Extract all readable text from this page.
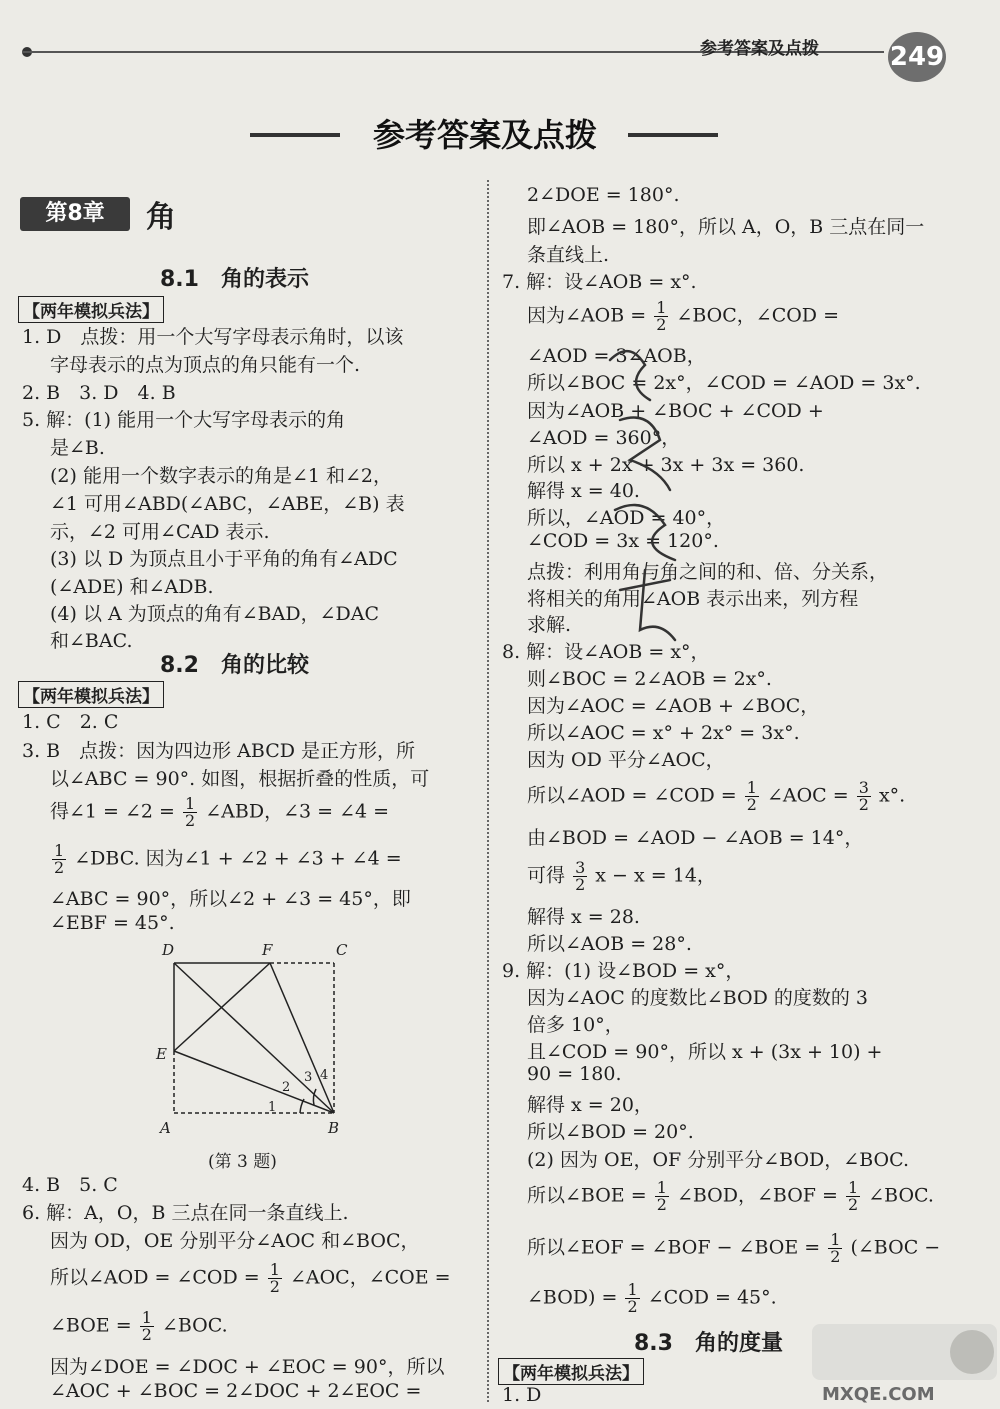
参考答案及点拨	249
参考答案及点拨
第8章	角
8.1　角的表示
【两年模拟兵法】
1. D　点拨：用一个大写字母表示角时，以该
字母表示的点为顶点的角只能有一个.
2. B　3. D　4. B
5. 解：(1) 能用一个大写字母表示的角
是∠B.
(2) 能用一个数字表示的角是∠1 和∠2，
∠1 可用∠ABD(∠ABC，∠ABE，∠B) 表
示，∠2 可用∠CAD 表示.
(3) 以 D 为顶点且小于平角的角有∠ADC
(∠ADE) 和∠ADB.
(4) 以 A 为顶点的角有∠BAD，∠DAC
和∠BAC.
8.2　角的比较
【两年模拟兵法】
1. C　2. C
3. B　点拨：因为四边形 ABCD 是正方形，所
以∠ABC = 90°. 如图，根据折叠的性质，可
得∠1 = ∠2 = $\frac{1}{2}$ ∠ABD，∠3 = ∠4 =
$\frac{1}{2}$ ∠DBC. 因为∠1 + ∠2 + ∠3 + ∠4 =
∠ABC = 90°，所以∠2 + ∠3 = 45°，即
∠EBF = 45°.
D	F	C
E
A	B
1
2
3 4
(第 3 题)
4. B　5. C
6. 解：A，O，B 三点在同一条直线上.
因为 OD，OE 分别平分∠AOC 和∠BOC，
所以∠AOD = ∠COD = $\frac{1}{2}$ ∠AOC，∠COE =
∠BOE = $\frac{1}{2}$ ∠BOC.
因为∠DOE = ∠DOC + ∠EOC = 90°，所以
∠AOC + ∠BOC = 2∠DOC + 2∠EOC =
2∠DOE = 180°.
即∠AOB = 180°，所以 A，O，B 三点在同一
条直线上.
7. 解：设∠AOB = x°.
因为∠AOB = $\frac{1}{2}$ ∠BOC，∠COD =
∠AOD = 3∠AOB，
所以∠BOC = 2x°，∠COD = ∠AOD = 3x°.
因为∠AOB + ∠BOC + ∠COD +
∠AOD = 360°，
所以 x + 2x + 3x + 3x = 360.
解得 x = 40.
所以，∠AOD = 40°，
∠COD = 3x = 120°.
点拨：利用角与角之间的和、倍、分关系，
将相关的角用∠AOB 表示出来，列方程
求解.
8. 解：设∠AOB = x°，
则∠BOC = 2∠AOB = 2x°.
因为∠AOC = ∠AOB + ∠BOC，
所以∠AOC = x° + 2x° = 3x°.
因为 OD 平分∠AOC，
所以∠AOD = ∠COD = $\frac{1}{2}$ ∠AOC = $\frac{3}{2} x^\circ$.
由∠BOD = ∠AOD − ∠AOB = 14°，
可得 $\frac{3}{2}$ x − x = 14，
解得 x = 28.
所以∠AOB = 28°.
9. 解：(1) 设∠BOD = x°，
因为∠AOC 的度数比∠BOD 的度数的 3
倍多 10°，
且∠COD = 90°，所以 x + (3x + 10) +
90 = 180.
解得 x = 20，
所以∠BOD = 20°.
(2) 因为 OE，OF 分别平分∠BOD，∠BOC.
所以∠BOE = $\frac{1}{2}$ ∠BOD，∠BOF = $\frac{1}{2}$ ∠BOC.
所以∠EOF = ∠BOF − ∠BOE = $\frac{1}{2}$ (∠BOC −
∠BOD) = $\frac{1}{2}$ ∠COD = 45°.
8.3　角的度量
【两年模拟兵法】
1. D	MXQE.COM
